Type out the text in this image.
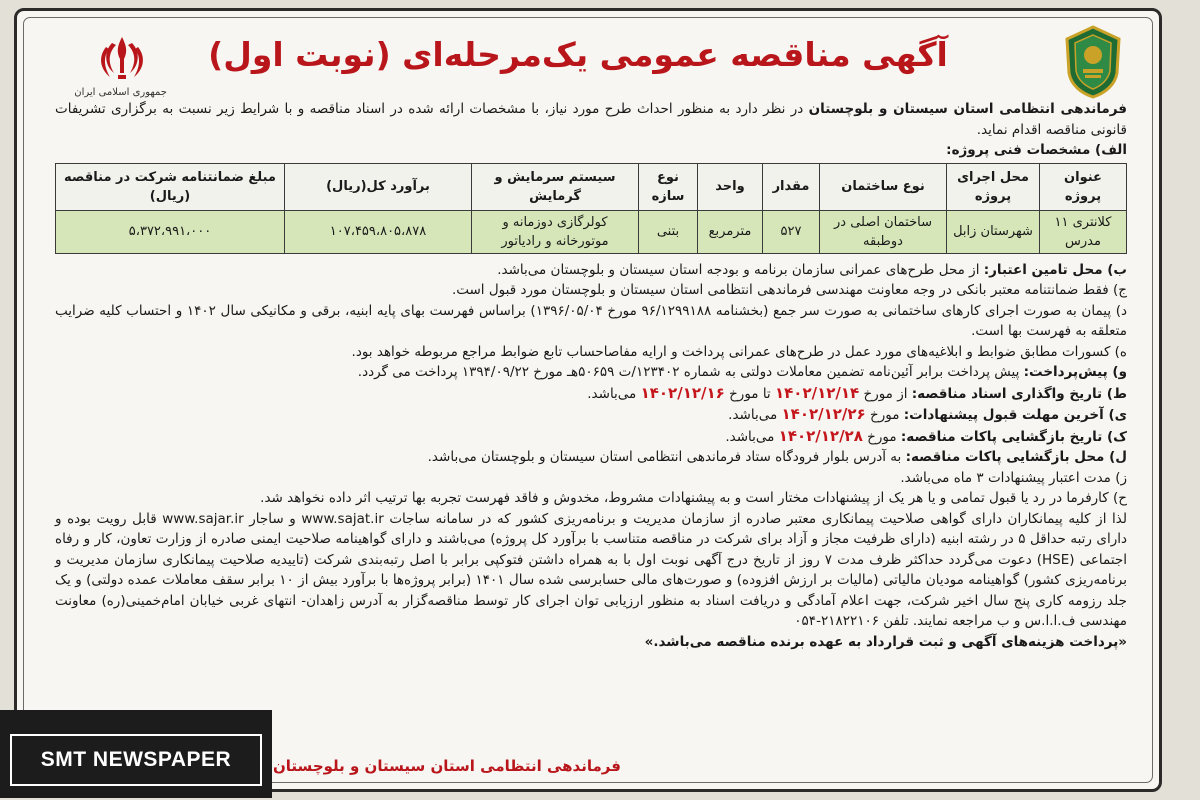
جمهوری اسلامی ایران
آگهی مناقصه عمومی یک‌مرحله‌ای (نوبت اول)

فرماندهی انتظامی استان سیستان و بلوچستان در نظر دارد به منظور احداث طرح مورد نیاز، با مشخصات ارائه شده در اسناد مناقصه و با شرایط زیر نسبت به برگزاری تشریفات قانونی مناقصه اقدام نماید.

الف) مشخصات فنی پروژه:

عنوان پروژه	محل اجرای پروژه	نوع ساختمان	مقدار	واحد	نوع سازه	سیستم سرمایش و گرمایش	برآورد کل(ریال)	مبلغ ضمانتنامه شرکت در مناقصه (ریال)
کلانتری ۱۱ مدرس	شهرستان زابل	ساختمان اصلی در دوطبقه	۵۲۷	مترمربع	بتنی	کولرگازی دوزمانه و موتورخانه و رادیاتور	۱۰۷،۴۵۹،۸۰۵،۸۷۸	۵،۳۷۲،۹۹۱،۰۰۰

ب) محل تامین اعتبار: از محل طرح‌های عمرانی سازمان برنامه و بودجه استان سیستان و بلوچستان می‌باشد.

ج) فقط ضمانتنامه معتبر بانکی در وجه معاونت مهندسی فرماندهی انتظامی استان سیستان و بلوچستان مورد قبول است.

د) پیمان به صورت اجرای کارهای ساختمانی به صورت سر جمع (بخشنامه ۹۶/۱۲۹۹۱۸۸ مورخ ۱۳۹۶/۰۵/۰۴) براساس فهرست بهای پایه ابنیه، برقی و مکانیکی سال ۱۴۰۲ و احتساب کلیه ضرایب متعلقه به فهرست بها است.

ه) کسورات مطابق ضوابط و ابلاغیه‌های مورد عمل در طرح‌های عمرانی پرداخت و ارایه مفاصاحساب تابع ضوابط مراجع مربوطه خواهد بود.

و) پیش‌پرداخت: پیش پرداخت برابر آئین‌نامه تضمین معاملات دولتی به شماره ۱۲۳۴۰۲/ت ۵۰۶۵۹هـ مورخ ۱۳۹۴/۰۹/۲۲ پرداخت می گردد.

ط) تاریخ واگذاری اسناد مناقصه: از مورخ ۱۴۰۲/۱۲/۱۴ تا مورخ ۱۴۰۲/۱۲/۱۶ می‌باشد.

ی) آخرین مهلت قبول پیشنهادات: مورخ ۱۴۰۲/۱۲/۲۶ می‌باشد.

ک) تاریخ بازگشایی پاکات مناقصه: مورخ ۱۴۰۲/۱۲/۲۸ می‌باشد.

ل) محل بازگشایی پاکات مناقصه: به آدرس بلوار فرودگاه ستاد فرماندهی انتظامی استان سیستان و بلوچستان می‌باشد.

ز) مدت اعتبار پیشنهادات ۳ ماه می‌باشد.

ح) کارفرما در رد یا قبول تمامی و یا هر یک از پیشنهادات مختار است و به پیشنهادات مشروط، مخدوش و فاقد فهرست تجربه بها ترتیب اثر داده نخواهد شد.

لذا از کلیه پیمانکاران دارای گواهی صلاحیت پیمانکاری معتبر صادره از سازمان مدیریت و برنامه‌ریزی کشور که در سامانه ساجات www.sajat.ir و ساجار www.sajar.ir قابل رویت بوده و دارای رتبه حداقل ۵ در رشته ابنیه (دارای ظرفیت مجاز و آزاد برای شرکت در مناقصه متناسب با برآورد کل پروژه) می‌باشند و دارای گواهینامه صلاحیت ایمنی صادره از وزارت تعاون، کار و رفاه اجتماعی (HSE) دعوت می‌گردد حداکثر ظرف مدت ۷ روز از تاریخ درج آگهی نوبت اول با به همراه داشتن فتوکپی برابر با اصل رتبه‌بندی شرکت (تاییدیه صلاحیت پیمانکاری سازمان مدیریت و برنامه‌ریزی کشور) گواهینامه مودیان مالیاتی (مالیات بر ارزش افزوده) و صورت‌های مالی حسابرسی شده سال ۱۴۰۱ (برابر پروژه‌ها با برآورد بیش از ۱۰ برابر سقف معاملات عمده دولتی) و یک جلد رزومه کاری پنج سال اخیر شرکت، جهت اعلام آمادگی و دریافت اسناد به منظور ارزیابی توان اجرای کار توسط مناقصه‌گزار به آدرس زاهدان- انتهای غربی خیابان امام‌خمینی(ره) معاونت مهندسی ف.ا.ا.س و ب مراجعه نمایند. تلفن ۲۱۸۲۲۱۰۶-۰۵۴

«پرداخت هزینه‌های آگهی و ثبت قرارداد به عهده برنده مناقصه می‌باشد.»

فرماندهی انتظامی استان سیستان و بلوچستان
SMT NEWSPAPER
